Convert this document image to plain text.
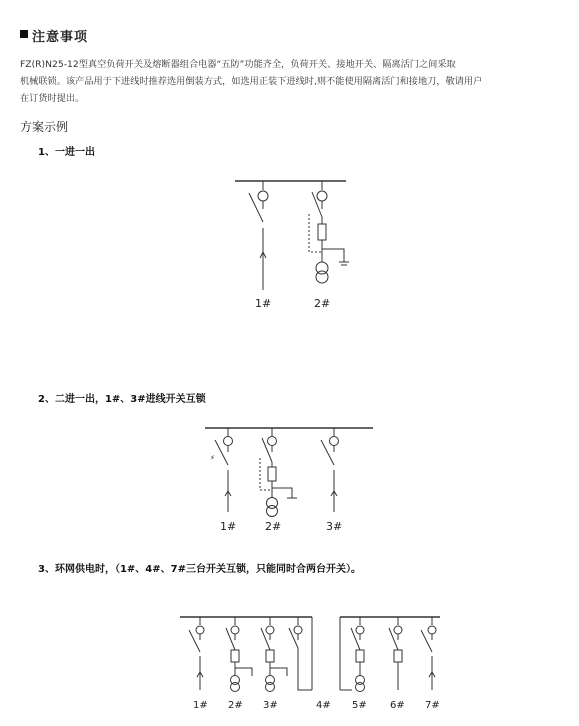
注意事项

FZ(R)N25-12型真空负荷开关及熔断器组合电器“五防”功能齐全，负荷开关、接地开关、隔离活门之间采取

机械联锁。该产品用于下进线时推荐选用倒装方式，如选用正装下进线时,则不能使用隔离活门和接地刀，敬请用户

在订货时提出。

方案示例
1、一进一出
2、二进一出，1#、3#进线开关互锁
3、环网供电时，（1#、4#、7#三台开关互锁，只能同时合两台开关）。
1#	2#
⚡
1#	2#	3#
1# 2# 3#	4# 5# 6# 7#
